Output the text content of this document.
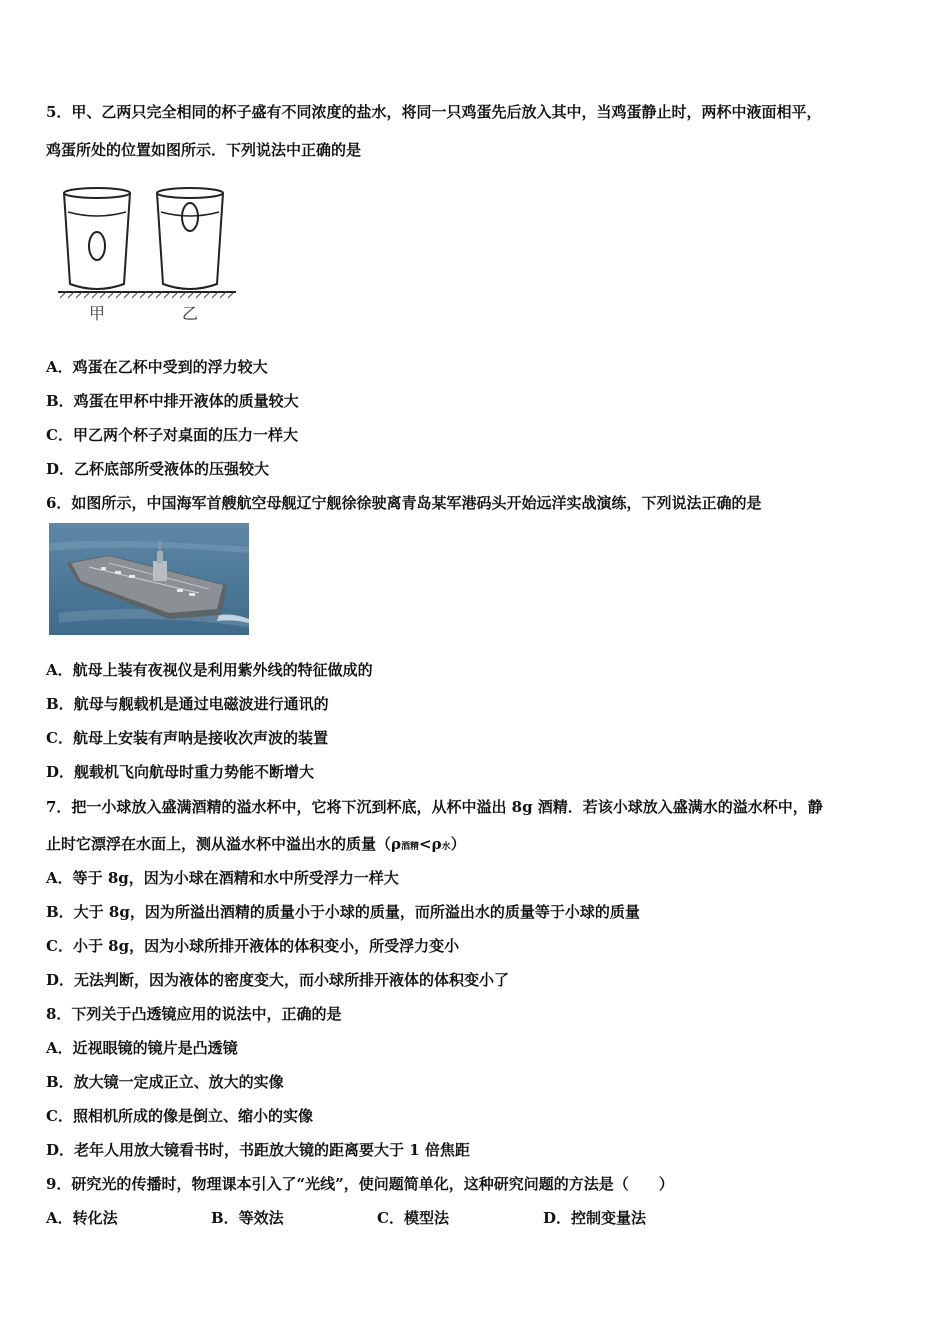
5．甲、乙两只完全相同的杯子盛有不同浓度的盐水，将同一只鸡蛋先后放入其中，当鸡蛋静止时，两杯中液面相平，
鸡蛋所处的位置如图所示．下列说法中正确的是
甲	乙
A．鸡蛋在乙杯中受到的浮力较大
B．鸡蛋在甲杯中排开液体的质量较大
C．甲乙两个杯子对桌面的压力一样大
D．乙杯底部所受液体的压强较大
6．如图所示，中国海军首艘航空母舰辽宁舰徐徐驶离青岛某军港码头开始远洋实战演练，下列说法正确的是
A．航母上装有夜视仪是利用紫外线的特征做成的
B．航母与舰载机是通过电磁波进行通讯的
C．航母上安装有声呐是接收次声波的装置
D．舰载机飞向航母时重力势能不断增大
7．把一小球放入盛满酒精的溢水杯中，它将下沉到杯底，从杯中溢出 8g 酒精．若该小球放入盛满水的溢水杯中，静
止时它漂浮在水面上，测从溢水杯中溢出水的质量（ρ酒精<ρ水）
A．等于 8g，因为小球在酒精和水中所受浮力一样大
B．大于 8g，因为所溢出酒精的质量小于小球的质量，而所溢出水的质量等于小球的质量
C．小于 8g，因为小球所排开液体的体积变小，所受浮力变小
D．无法判断，因为液体的密度变大，而小球所排开液体的体积变小了
8．下列关于凸透镜应用的说法中，正确的是
A．近视眼镜的镜片是凸透镜
B．放大镜一定成正立、放大的实像
C．照相机所成的像是倒立、缩小的实像
D．老年人用放大镜看书时，书距放大镜的距离要大于 1 倍焦距
9．研究光的传播时，物理课本引入了“光线”，使问题简单化，这种研究问题的方法是（　　）
A．转化法	B．等效法	C．模型法	D．控制变量法
